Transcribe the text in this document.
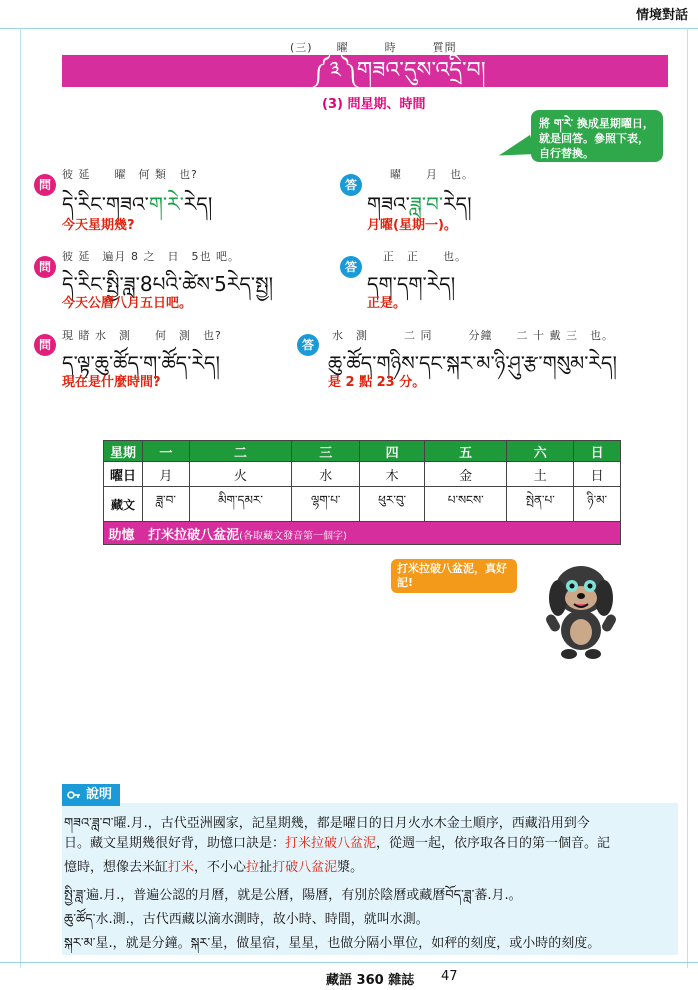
情境對話
(三)　　曜　　　時　　　質問
༼༣༽གཟའ་དུས་འདྲི་བ།
(3) 問星期、時間
將 ག་རེ་ 換成星期曜日，就是回答。參照下表，自行替換。
問
彼 延　　曜　何 類　也?
དེ་རིང་གཟའ་ག་རེ་རེད།
今天星期幾?
答
曜　　月　也。
གཟའ་ཟླ་བ་རེད།
月曜(星期一)。
問
彼 延　遍月 8 之　日　5也 吧。
དེ་རིང་སྤྱི་ཟླ་8པའི་ཚེས་5རེད་སྤྱ།
今天公曆八月五日吧。
答
正　正　　也。
དག་དག་རེད།
正是。
問
現 睹 水　測　　何　測　也?
ད་ལྟ་ཆུ་ཚོད་ག་ཚོད་རེད།
現在是什麼時間?
答
水　測　　　二 同　　　分鐘　　二 十 戴 三　也。
ཆུ་ཚོད་གཉིས་དང་སྐར་མ་ཉི་ཤུ་རྩ་གསུམ་རེད།
是 2 點 23 分。
星期	一	二	三	四	五	六	日
曜日	月	火	水	木	金	土	日
藏文	ཟླ་བ་	མིག་དམར་	ལྷག་པ་	ཕུར་བུ་	པ་སངས་	སྤེན་པ་	ཉི་མ་
助憶 打米拉破八盆泥(各取藏文發音第一個字)							
打米拉破八盆泥，真好記!
說明
གཟའ་ཟླ་བ་曜.月.，古代亞洲國家，記星期幾，都是曜日的日月火水木金土順序，西藏沿用到今
日。藏文星期幾很好背，助憶口訣是：打米拉破八盆泥，從週一起，依序取各日的第一個音。記
憶時，想像去米缸打米，不小心拉扯打破八盆泥漿。
སྤྱི་ཟླ་遍.月.，普遍公認的月曆，就是公曆，陽曆，有別於陰曆或藏曆བོད་ཟླ་蕃.月.。
ཆུ་ཚོད་水.測.，古代西藏以滴水測時，故小時、時間，就叫水測。
སྐར་མ་星.，就是分鐘。སྐར་星，做星宿，星星，也做分隔小單位，如秤的刻度，或小時的刻度。
藏語 360 雜誌 47
